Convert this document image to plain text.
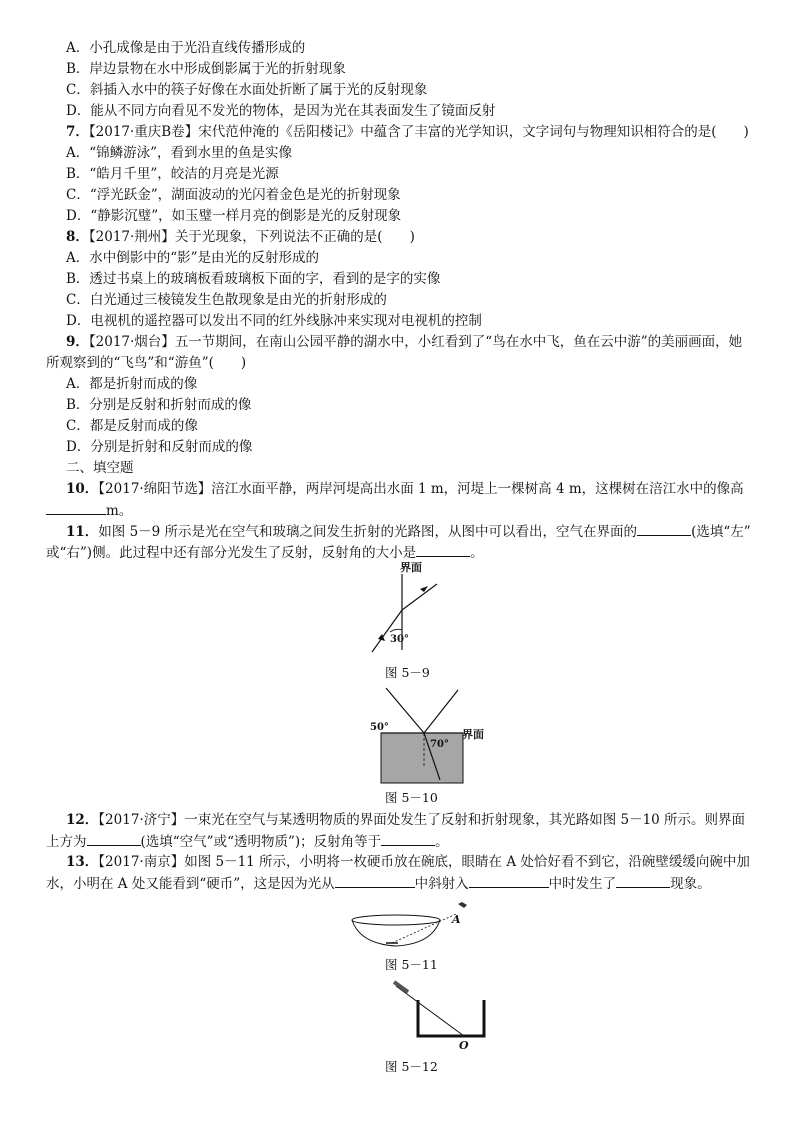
A．小孔成像是由于光沿直线传播形成的
B．岸边景物在水中形成倒影属于光的折射现象
C．斜插入水中的筷子好像在水面处折断了属于光的反射现象
D．能从不同方向看见不发光的物体，是因为光在其表面发生了镜面反射
7．【2017·重庆B卷】宋代范仲淹的《岳阳楼记》中蕴含了丰富的光学知识，文字词句与物理知识相符合的是(　　)
A．“锦鳞游泳”，看到水里的鱼是实像
B．“皓月千里”，皎洁的月亮是光源
C．“浮光跃金”，湖面波动的光闪着金色是光的折射现象
D．“静影沉璧”，如玉璧一样月亮的倒影是光的反射现象
8．【2017·荆州】关于光现象，下列说法不正确的是(　　)
A．水中倒影中的“影”是由光的反射形成的
B．透过书桌上的玻璃板看玻璃板下面的字，看到的是字的实像
C．白光通过三棱镜发生色散现象是由光的折射形成的
D．电视机的遥控器可以发出不同的红外线脉冲来实现对电视机的控制
9．【2017·烟台】五一节期间，在南山公园平静的湖水中，小红看到了“鸟在水中飞，鱼在云中游”的美丽画面，她
所观察到的“飞鸟”和“游鱼”(　　)
A．都是折射而成的像
B．分别是反射和折射而成的像
C．都是反射而成的像
D．分别是折射和反射而成的像
二、填空题
10．【2017·绵阳节选】涪江水面平静，两岸河堤高出水面 1 m，河堤上一棵树高 4 m，这棵树在涪江水中的像高
m。
11．如图 5－9 所示是光在空气和玻璃之间发生折射的光路图，从图中可以看出，空气在界面的	(选填“左”
或“右”)侧。此过程中还有部分光发生了反射，反射角的大小是	。
界面
30°
图 5－9
50°
70°
界面
图 5－10
12．【2017·济宁】一束光在空气与某透明物质的界面处发生了反射和折射现象，其光路如图 5－10 所示。则界面
上方为	(选填“空气”或“透明物质”)；反射角等于	。
13．【2017·南京】如图 5－11 所示，小明将一枚硬币放在碗底，眼睛在 A 处恰好看不到它，沿碗壁缓缓向碗中加
水，小明在 A 处又能看到“硬币”，这是因为光从	中斜射入	中时发生了	现象。
A
图 5－11
O
图 5－12
